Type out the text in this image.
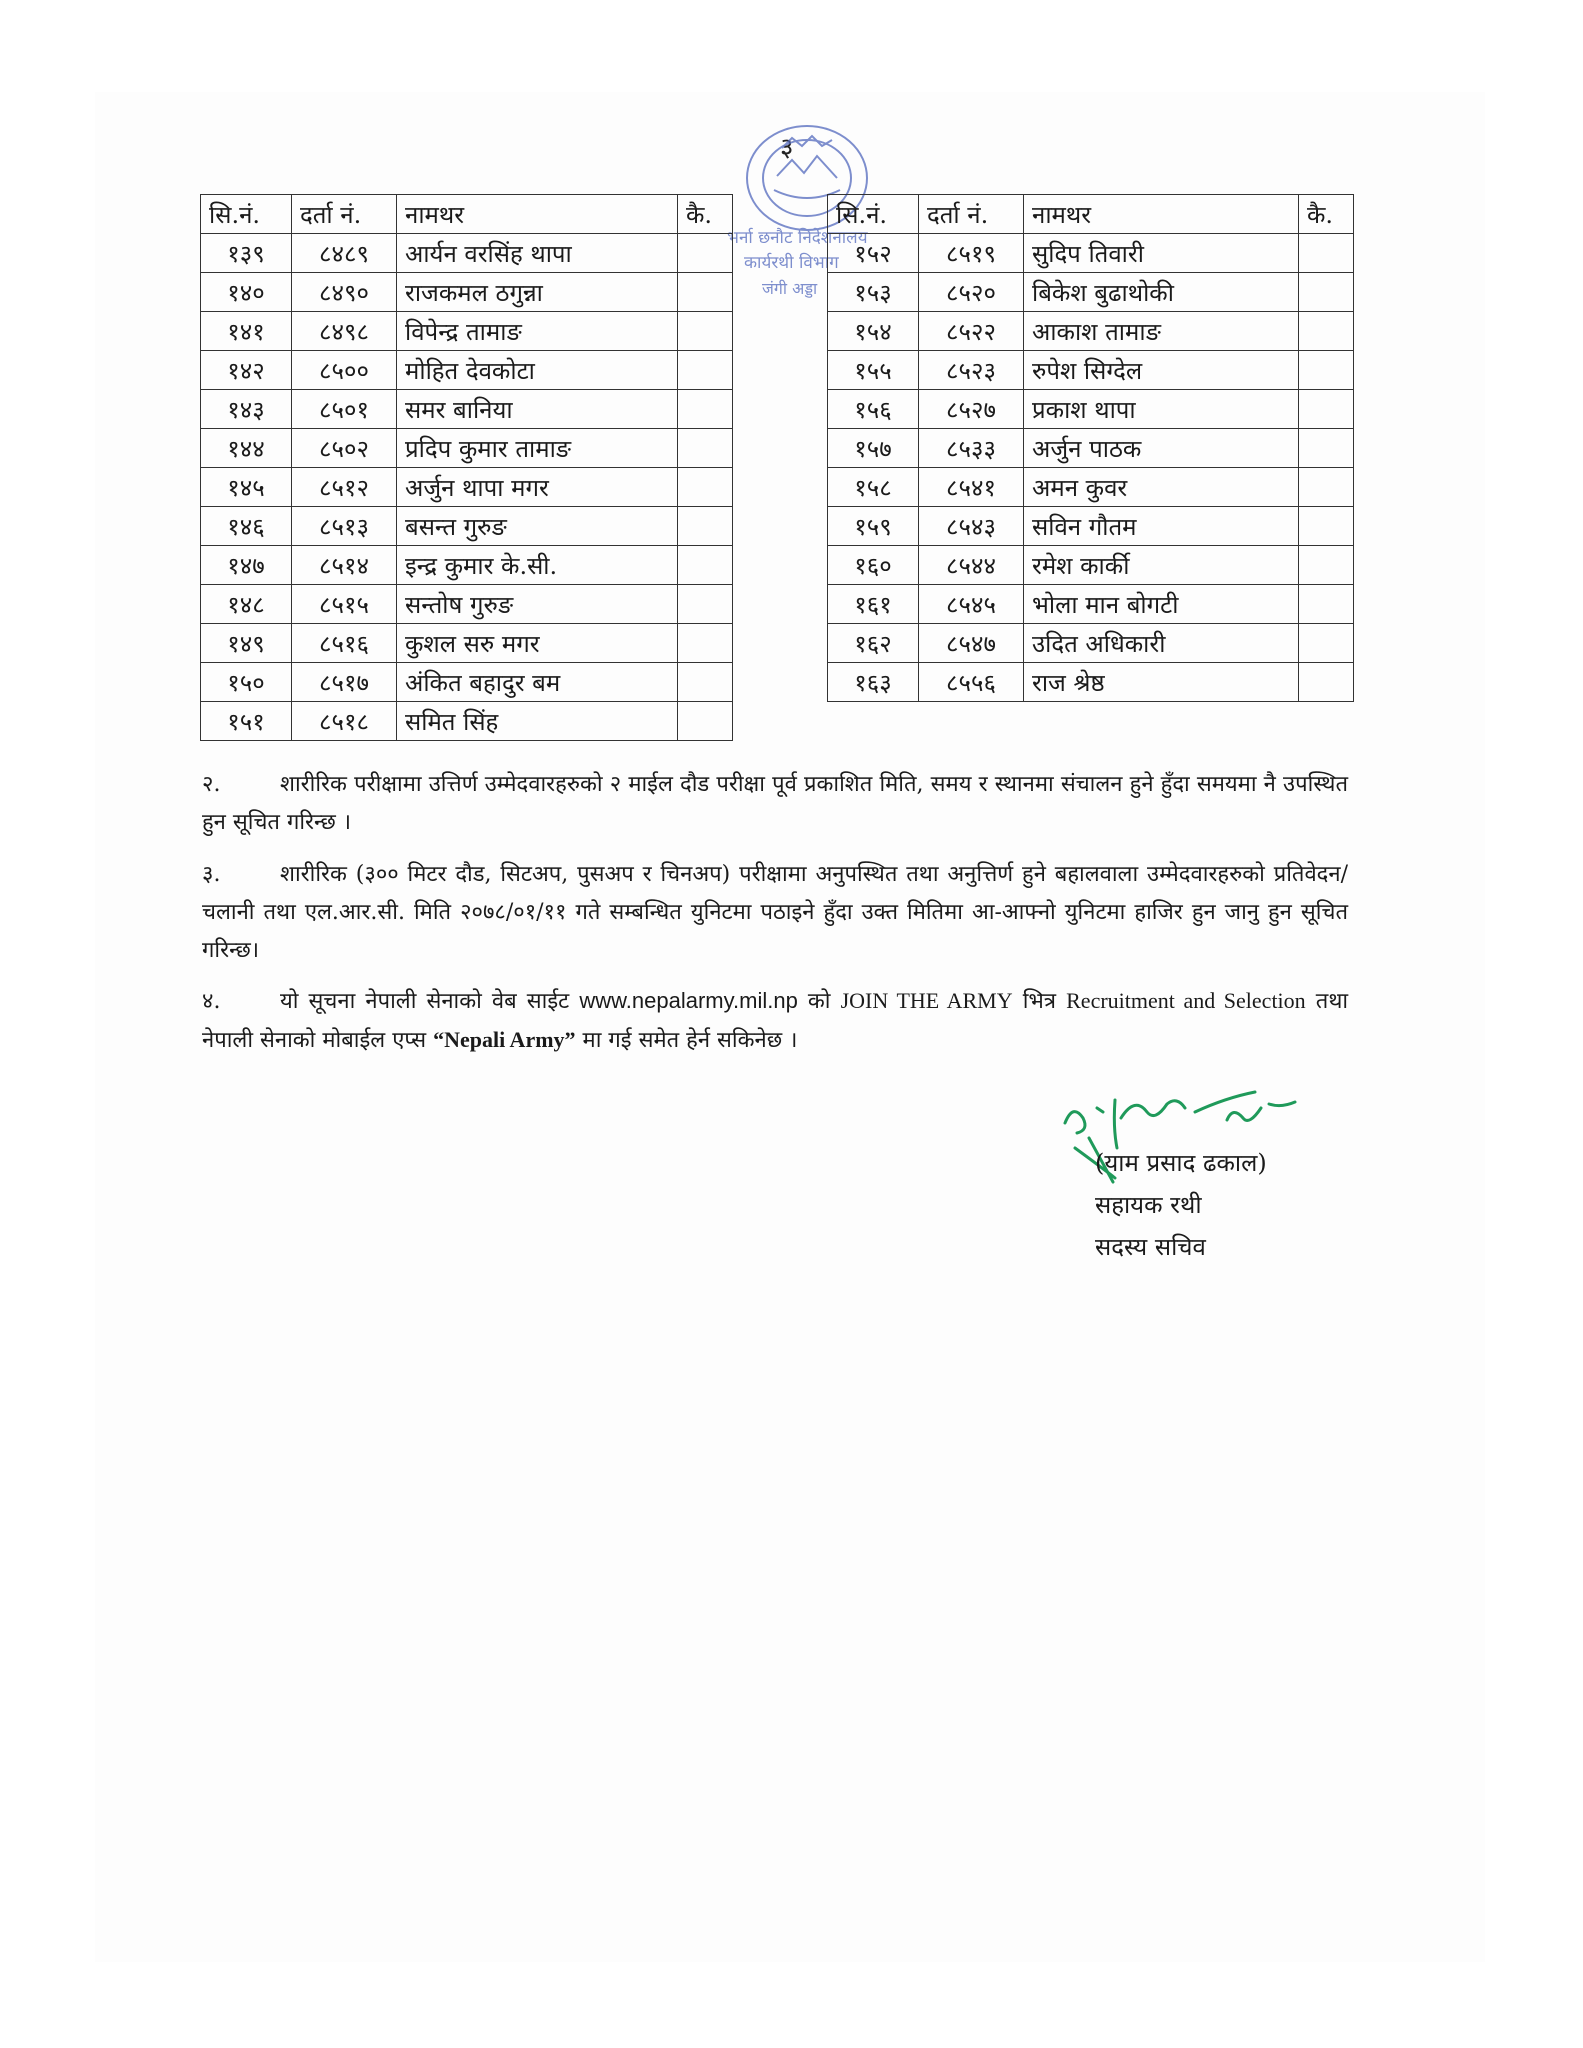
३
भर्ना छनौट निर्देशनालय
कार्यरथी विभाग
जंगी अड्डा
सि.नं.	दर्ता नं.	नामथर	कै.
१३९	८४८९	आर्यन वरसिंह थापा	
१४०	८४९०	राजकमल ठगुन्ना	
१४१	८४९८	विपेन्द्र तामाङ	
१४२	८५००	मोहित देवकोटा	
१४३	८५०१	समर बानिया	
१४४	८५०२	प्रदिप कुमार तामाङ	
१४५	८५१२	अर्जुन थापा मगर	
१४६	८५१३	बसन्त गुरुङ	
१४७	८५१४	इन्द्र कुमार के.सी.	
१४८	८५१५	सन्तोष गुरुङ	
१४९	८५१६	कुशल सरु मगर	
१५०	८५१७	अंकित बहादुर बम	
१५१	८५१८	समित सिंह	
सि.नं.	दर्ता नं.	नामथर	कै.
१५२	८५१९	सुदिप तिवारी	
१५३	८५२०	बिकेश बुढाथोकी	
१५४	८५२२	आकाश तामाङ	
१५५	८५२३	रुपेश सिग्देल	
१५६	८५२७	प्रकाश थापा	
१५७	८५३३	अर्जुन पाठक	
१५८	८५४१	अमन कुवर	
१५९	८५४३	सविन गौतम	
१६०	८५४४	रमेश कार्की	
१६१	८५४५	भोला मान बोगटी	
१६२	८५४७	उदित अधिकारी	
१६३	८५५६	राज श्रेष्ठ	
२.	शारीरिक परीक्षामा उत्तिर्ण उम्मेदवारहरुको २ माईल दौड परीक्षा पूर्व प्रकाशित मिति, समय र स्थानमा संचालन हुने हुँदा समयमा नै उपस्थित हुन सूचित गरिन्छ ।
३.	शारीरिक (३०० मिटर दौड, सिटअप, पुसअप र चिनअप) परीक्षामा अनुपस्थित तथा अनुत्तिर्ण हुने बहालवाला उम्मेदवारहरुको प्रतिवेदन/चलानी तथा एल.आर.सी. मिति २०७८/०१/११ गते सम्बन्धित युनिटमा पठाइने हुँदा उक्त मितिमा आ-आफ्नो युनिटमा हाजिर हुन जानु हुन सूचित गरिन्छ।
४.	यो सूचना नेपाली सेनाको वेब साईट www.nepalarmy.mil.np को JOIN THE ARMY भित्र Recruitment and Selection तथा नेपाली सेनाको मोबाईल एप्स “Nepali Army” मा गई समेत हेर्न सकिनेछ ।
(याम प्रसाद ढकाल)
सहायक रथी
सदस्य सचिव
